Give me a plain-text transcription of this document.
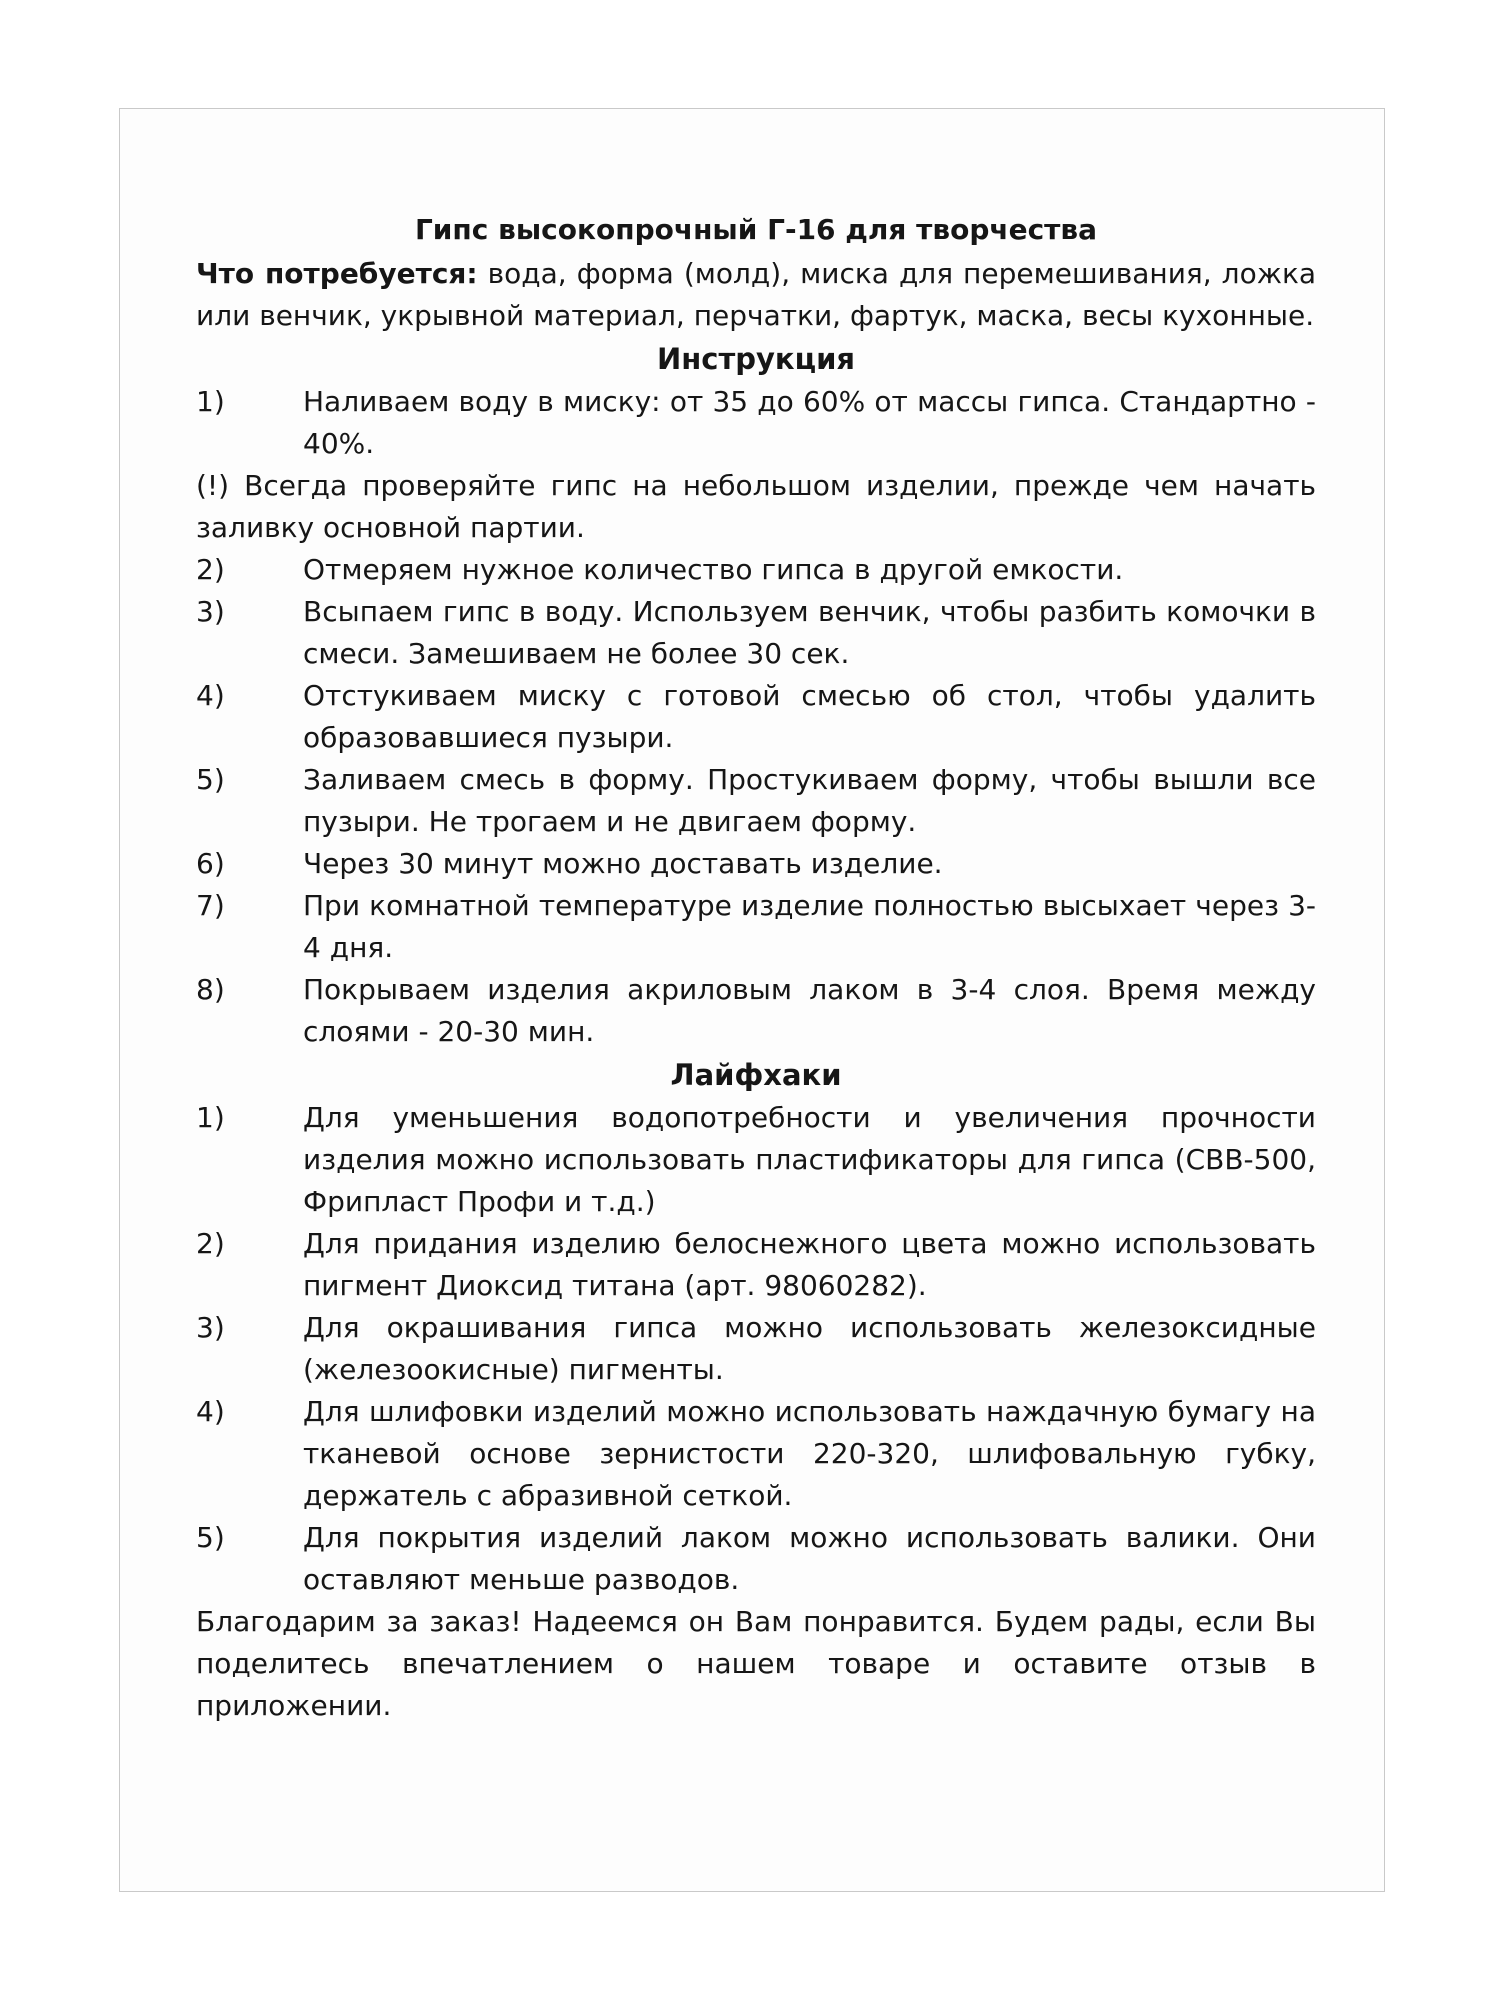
Гипс высокопрочный Г-16 для творчества

Что потребуется: вода, форма (молд), миска для перемешивания, ложка или венчик, укрывной материал, перчатки, фартук, маска, весы кухонные.

Инструкция
1)	Наливаем воду в миску: от 35 до 60% от массы гипса. Стандартно - 40%.

(!) Всегда проверяйте гипс на небольшом изделии, прежде чем начать заливку основной партии.

2)	Отмеряем нужное количество гипса в другой емкости.
3)	Всыпаем гипс в воду. Используем венчик, чтобы разбить комочки в смеси. Замешиваем не более 30 сек.
4)	Отстукиваем миску с готовой смесью об стол, чтобы удалить образовавшиеся пузыри.
5)	Заливаем смесь в форму. Простукиваем форму, чтобы вышли все пузыри. Не трогаем и не двигаем форму.
6)	Через 30 минут можно доставать изделие.
7)	При комнатной температуре изделие полностью высыхает через 3-4 дня.
8)	Покрываем изделия акриловым лаком в 3-4 слоя. Время между слоями - 20-30 мин.
Лайфхаки
1)	Для уменьшения водопотребности и увеличения прочности изделия можно использовать пластификаторы для гипса (СВВ-500, Фрипласт Профи и т.д.)
2)	Для придания изделию белоснежного цвета можно использовать пигмент Диоксид титана (арт. 98060282).
3)	Для окрашивания гипса можно использовать железоксидные (железоокисные) пигменты.
4)	Для шлифовки изделий можно использовать наждачную бумагу на тканевой основе зернистости 220-320, шлифовальную губку, держатель с абразивной сеткой.
5)	Для покрытия изделий лаком можно использовать валики. Они оставляют меньше разводов.

Благодарим за заказ! Надеемся он Вам понравится. Будем рады, если Вы поделитесь впечатлением о нашем товаре и оставите отзыв в приложении.
